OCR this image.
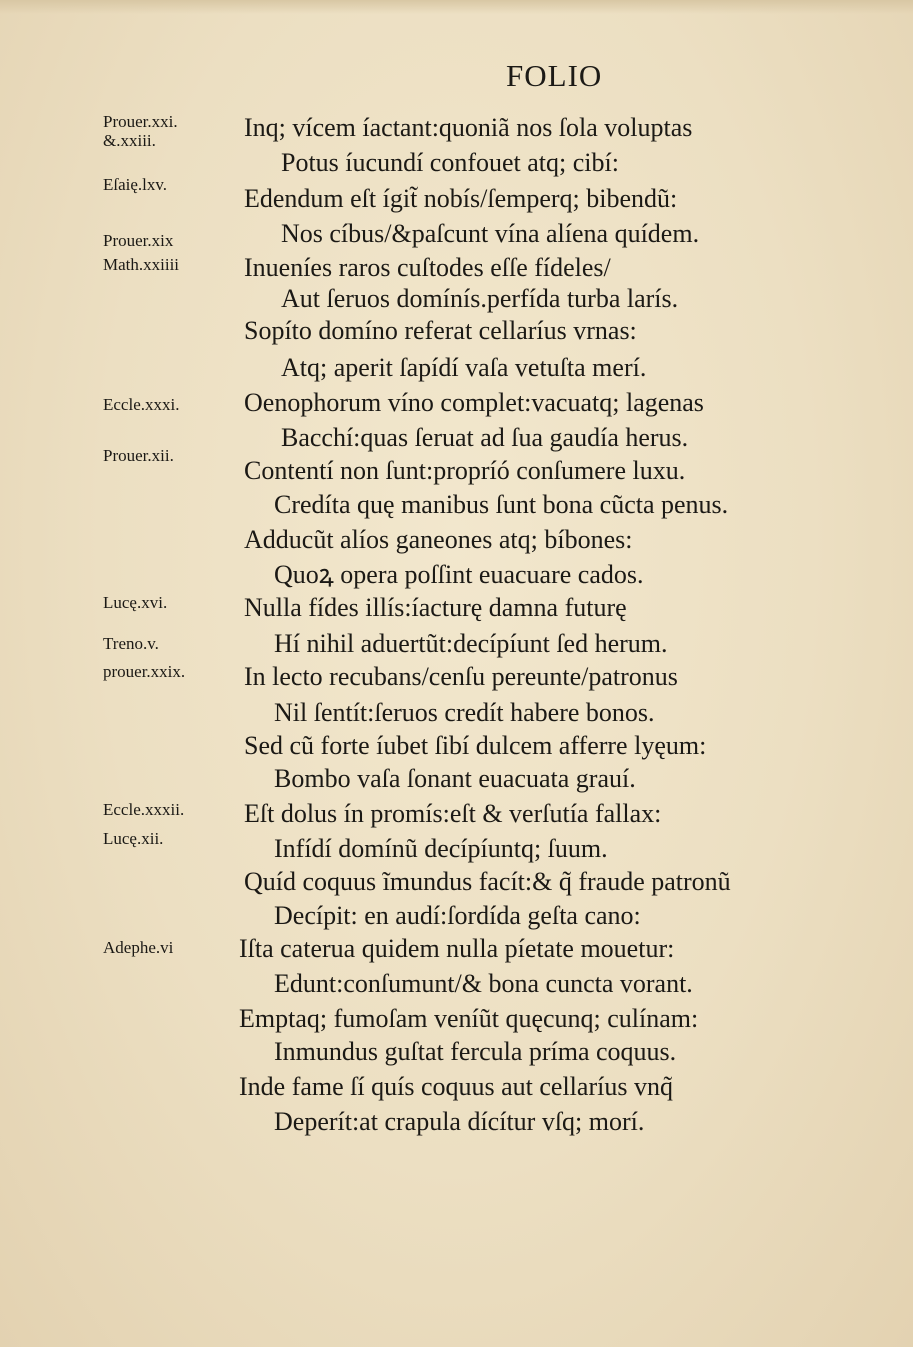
FOLIO
Inq; vícem íactant:quoniã nos ſola voluptas
Potus íucundí confouet atq; cibí:
Edendum eſt ígit̃ nobís/ſemperq; bibendũ:
Nos cíbus/&paſcunt vína alíena quídem.
Inueníes raros cuſtodes eſſe fídeles/
Aut ſeruos domínís.perfída turba larís.
Sopíto domíno referat cellaríus vrnas:
Atq; aperit ſapídí vaſa vetuſta merí.
Oenophorum víno complet:vacuatq; lagenas
Bacchí:quas ſeruat ad ſua gaudía herus.
Contentí non ſunt:propríó conſumere luxu.
Credíta quę manibus ſunt bona cũcta penus.
Adducũt alíos ganeones atq; bíbones:
Quoꝝ opera poſſint euacuare cados.
Nulla fídes illís:íacturę damna futurę
Hí nihil aduertũt:decípíunt ſed herum.
In lecto recubans/cenſu pereunte/patronus
Nil ſentít:ſeruos credít habere bonos.
Sed cũ forte íubet ſibí dulcem afferre lyęum:
Bombo vaſa ſonant euacuata grauí.
Eſt dolus ín promís:eſt & verſutía fallax:
Infídí domínũ decípíuntq; ſuum.
Quíd coquus ĩmundus facít:& q̃ fraude patronũ
Decípit: en audí:ſordída geſta cano:
Iſta caterua quidem nulla píetate mouetur:
Edunt:conſumunt/& bona cuncta vorant.
Emptaq; fumoſam veníũt quęcunq; culínam:
Inmundus guſtat fercula príma coquus.
Inde fame ſí quís coquus aut cellaríus vnq̃
Deperít:at crapula dícítur vſq; morí.
Prouer.xxi.
&.xxiii.
Eſaię.lxv.
Prouer.xix
Math.xxiiii
Eccle.xxxi.
Prouer.xii.
Lucę.xvi.
Treno.v.
prouer.xxix.
Eccle.xxxii.
Lucę.xii.
Adephe.vi
